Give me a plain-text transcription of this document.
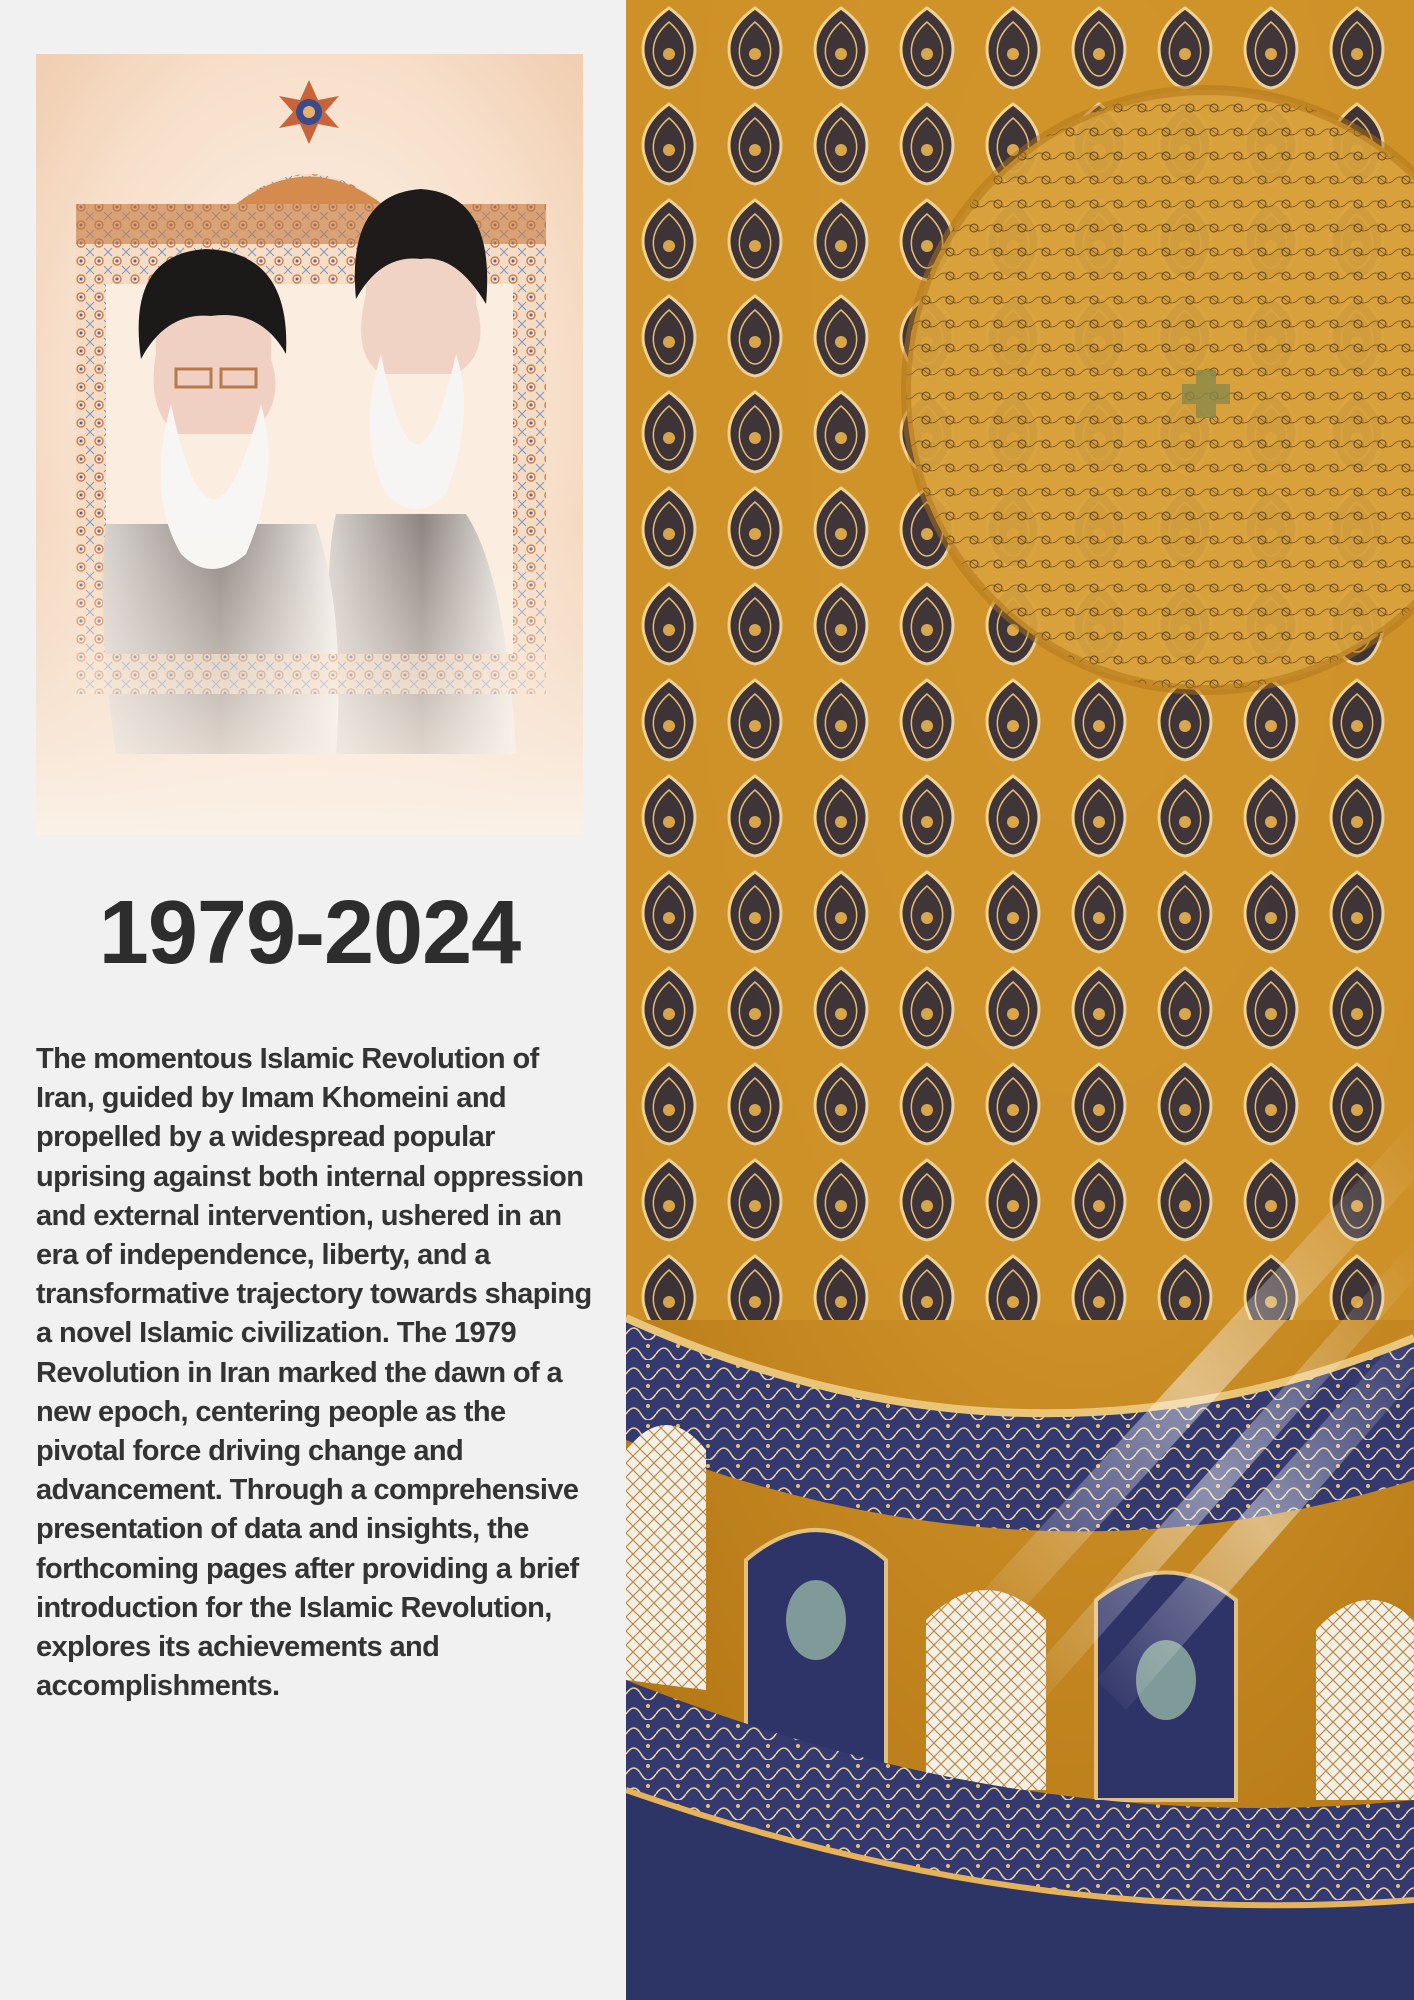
1979-2024

The momentous Islamic Revolution of Iran, guided by Imam Khomeini and propelled by a widespread popular uprising against both internal oppression and external intervention, ushered in an era of independence, liberty, and a transformative trajectory towards shaping a novel Islamic civilization. The 1979 Revolution in Iran marked the dawn of a new epoch, centering people as the pivotal force driving change and advancement. Through a comprehensive presentation of data and insights, the forthcoming pages after providing a brief introduction for the Islamic Revolution, explores its achievements and accomplishments.
